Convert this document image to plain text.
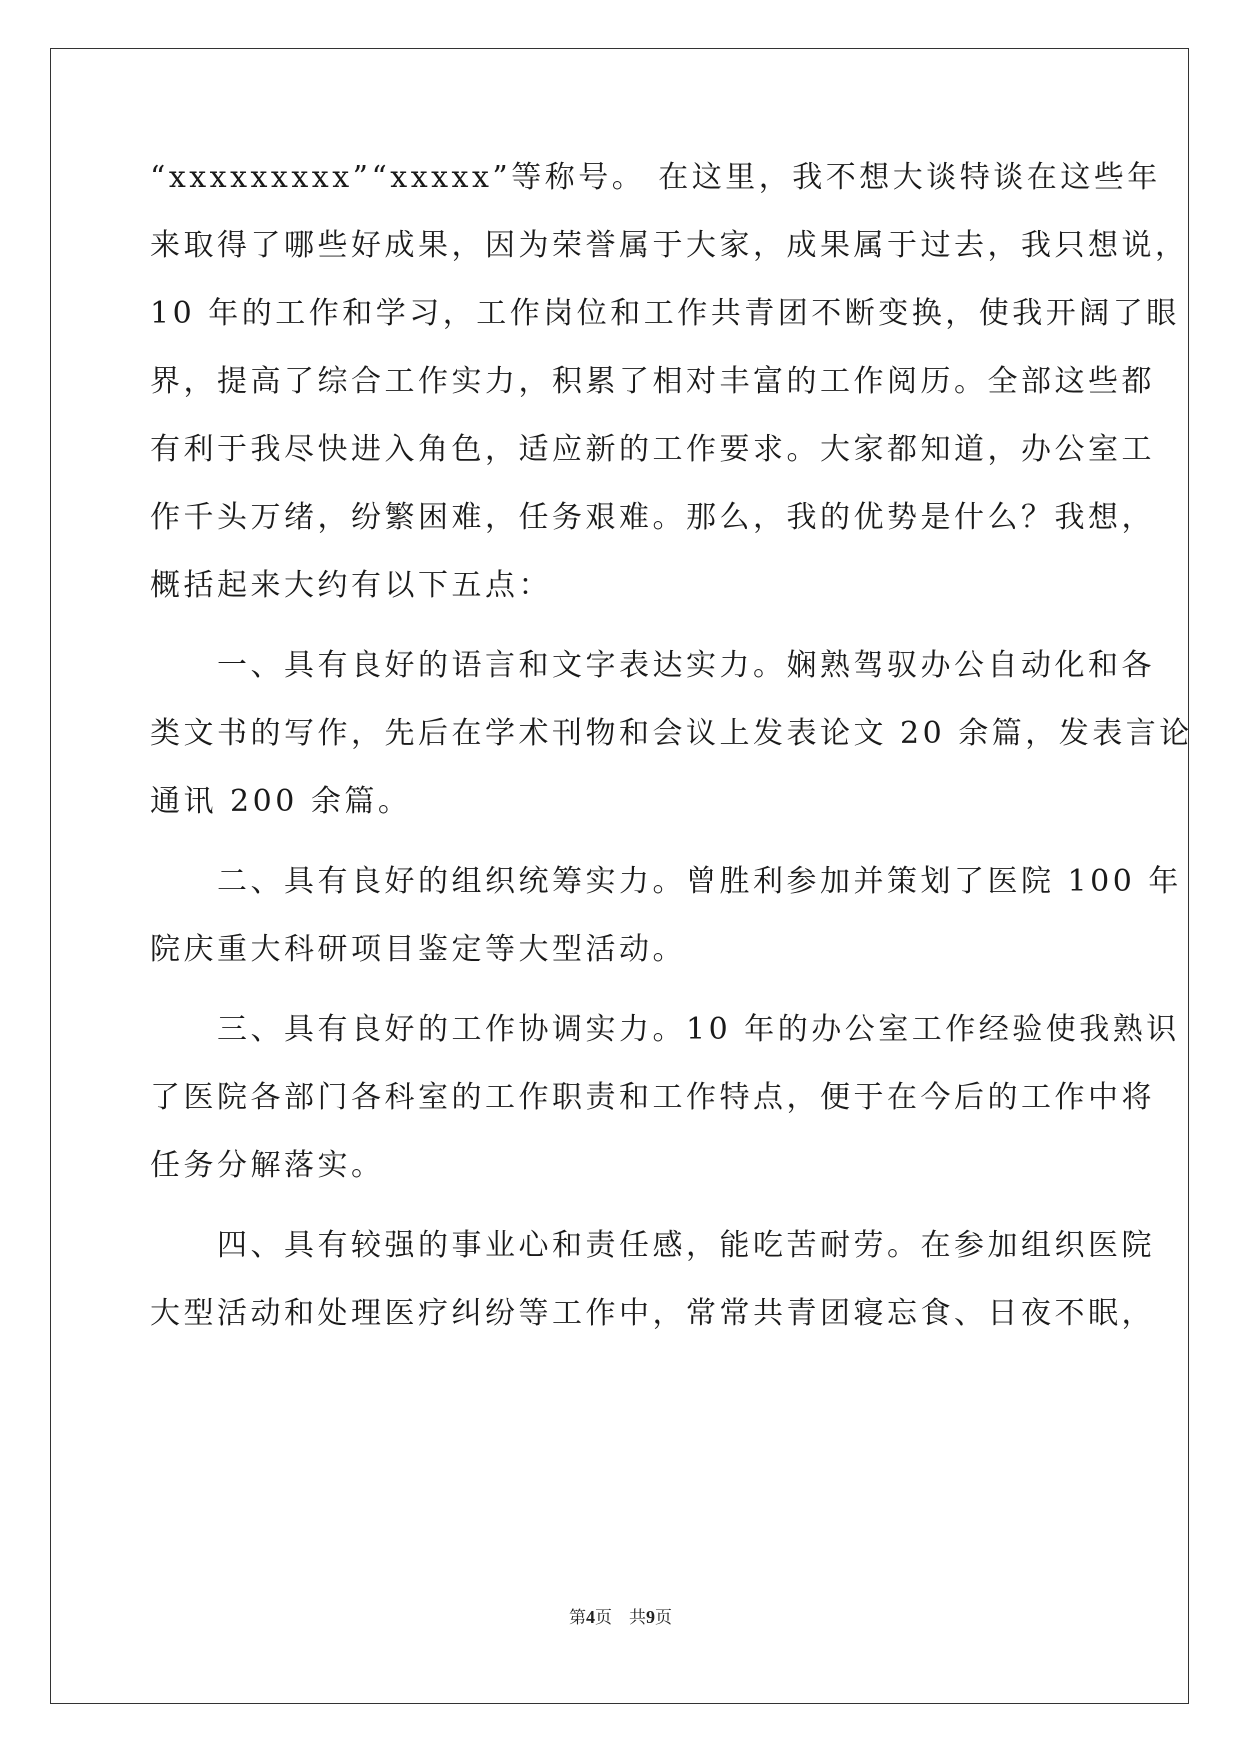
“xxxxxxxxx”“xxxxx”等称号。 在这里，我不想大谈特谈在这些年
来取得了哪些好成果，因为荣誉属于大家，成果属于过去，我只想说，
10 年的工作和学习，工作岗位和工作共青团不断变换，使我开阔了眼
界，提高了综合工作实力，积累了相对丰富的工作阅历。全部这些都
有利于我尽快进入角色，适应新的工作要求。大家都知道，办公室工
作千头万绪，纷繁困难，任务艰难。那么，我的优势是什么？我想，
概括起来大约有以下五点：
　　一、具有良好的语言和文字表达实力。娴熟驾驭办公自动化和各
类文书的写作，先后在学术刊物和会议上发表论文 20 余篇，发表言论
通讯 200 余篇。
　　二、具有良好的组织统筹实力。曾胜利参加并策划了医院 100 年
院庆重大科研项目鉴定等大型活动。
　　三、具有良好的工作协调实力。10 年的办公室工作经验使我熟识
了医院各部门各科室的工作职责和工作特点，便于在今后的工作中将
任务分解落实。
　　四、具有较强的事业心和责任感，能吃苦耐劳。在参加组织医院
大型活动和处理医疗纠纷等工作中，常常共青团寝忘食、日夜不眠，
第4页　共9页
